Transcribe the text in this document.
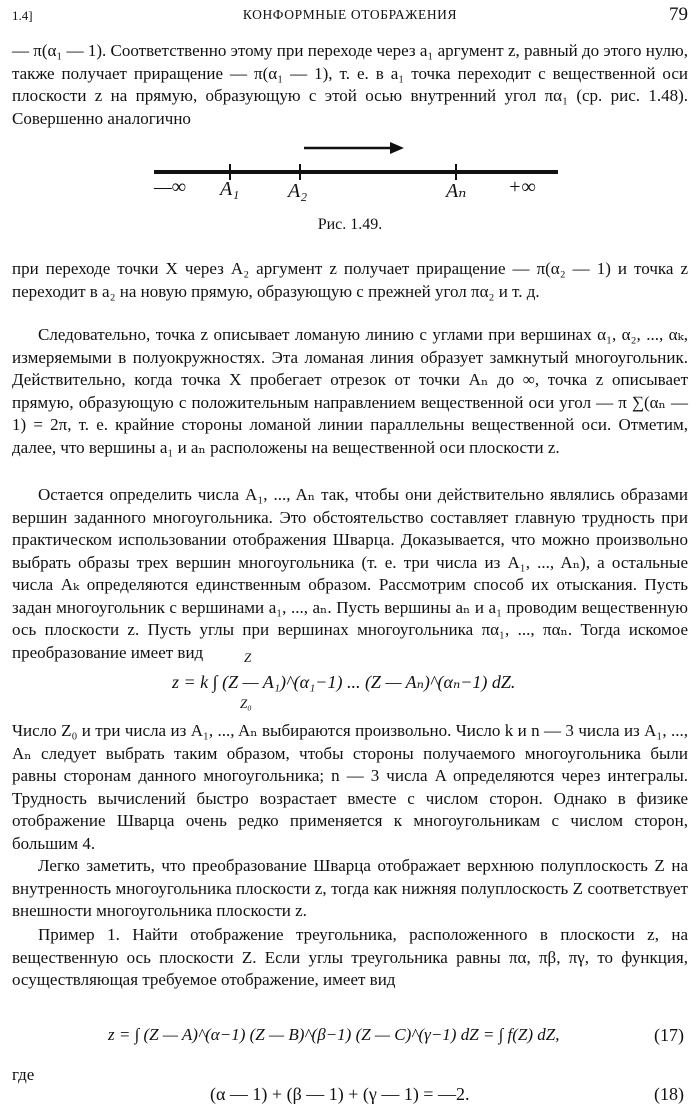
1.4]	КОНФОРМНЫЕ ОТОБРАЖЕНИЯ	79

— π(α₁ — 1). Соответственно этому при переходе через a₁ аргумент z, равный до этого нулю, также получает приращение — π(α₁ — 1), т. е. в a₁ точка переходит с вещественной оси плоскости z на прямую, образующую с этой осью внутренний угол πα₁ (ср. рис. 1.48). Совершенно аналогично

—∞ A₁ A₂	Aₙ +∞
Рис. 1.49.

при переходе точки X через A₂ аргумент z получает приращение — π(α₂ — 1) и точка z переходит в a₂ на новую прямую, образующую с прежней угол πα₂ и т. д.

Следовательно, точка z описывает ломаную линию с углами при вершинах α₁, α₂, ..., αₖ, измеряемыми в полуокружностях. Эта ломаная линия образует замкнутый многоугольник. Действительно, когда точка X пробегает отрезок от точки Aₙ до ∞, точка z описывает прямую, образующую с положительным направлением вещественной оси угол — π ∑(αₙ — 1) = 2π, т. е. крайние стороны ломаной линии параллельны вещественной оси. Отметим, далее, что вершины a₁ и aₙ расположены на вещественной оси плоскости z.

Остается определить числа A₁, ..., Aₙ так, чтобы они действительно являлись образами вершин заданного многоугольника. Это обстоятельство составляет главную трудность при практическом использовании отображения Шварца. Доказывается, что можно произвольно выбрать образы трех вершин многоугольника (т. е. три числа из A₁, ..., Aₙ), а остальные числа Aₖ определяются единственным образом. Рассмотрим способ их отыскания. Пусть задан многоугольник с вершинами a₁, ..., aₙ. Пусть вершины aₙ и a₁ проводим вещественную ось плоскости z. Пусть углы при вершинах многоугольника πα₁, ..., παₙ. Тогда искомое преобразование имеет вид

z = k ∫ (Z — A₁)^(α₁−1) ... (Z — Aₙ)^(αₙ−1) dZ.
Z
Z₀

Число Z₀ и три числа из A₁, ..., Aₙ выбираются произвольно. Число k и n — 3 числа из A₁, ..., Aₙ следует выбрать таким образом, чтобы стороны получаемого многоугольника были равны сторонам данного многоугольника; n — 3 числа A определяются через интегралы. Трудность вычислений быстро возрастает вместе с числом сторон. Однако в физике отображение Шварца очень редко применяется к многоугольникам с числом сторон, большим 4.

Легко заметить, что преобразование Шварца отображает верхнюю полуплоскость Z на внутренность многоугольника плоскости z, тогда как нижняя полуплоскость Z соответствует внешности многоугольника плоскости z.

Пример 1. Найти отображение треугольника, расположенного в плоскости z, на вещественную ось плоскости Z. Если углы треугольника равны πα, πβ, πγ, то функция, осуществляющая требуемое отображение, имеет вид

z = ∫ (Z — A)^(α−1) (Z — B)^(β−1) (Z — C)^(γ−1) dZ = ∫ f(Z) dZ,	(17)

где

(α — 1) + (β — 1) + (γ — 1) = —2.	(18)
